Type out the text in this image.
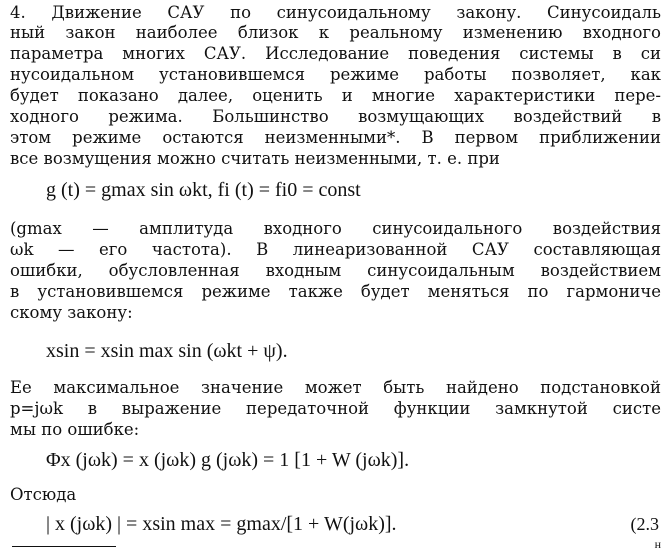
4. Движение САУ по синусоидальному закону. Синусоидаль
ный закон наиболее близок к реальному изменению входного
параметра многих САУ. Исследование поведения системы в си
нусоидальном установившемся режиме работы позволяет, как
будет показано далее, оценить и многие характеристики пере-
ходного режима. Большинство возмущающих воздействий в
этом режиме остаются неизменными*. В первом приближении
все возмущения можно считать неизменными, т. е. при
g (t) = gmax sin ωkt, fi (t) = fi0 = const
(gmax — амплитуда входного синусоидального воздействия
ωk — его частота). В линеаризованной САУ составляющая
ошибки, обусловленная входным синусоидальным воздействием
в установившемся режиме также будет меняться по гармониче
скому закону:
xsin = xsin max sin (ωkt + ψ).
Ее максимальное значение может быть найдено подстановкой
p=jωk в выражение передаточной функции замкнутой систе
мы по ошибке:
Φx (jωk) = x (jωk) g (jωk) = 1 [1 + W (jωk)].
Отсюда
| x (jωk) | = xsin max = gmax/[1 + W(jωk)].	(2.3
н
